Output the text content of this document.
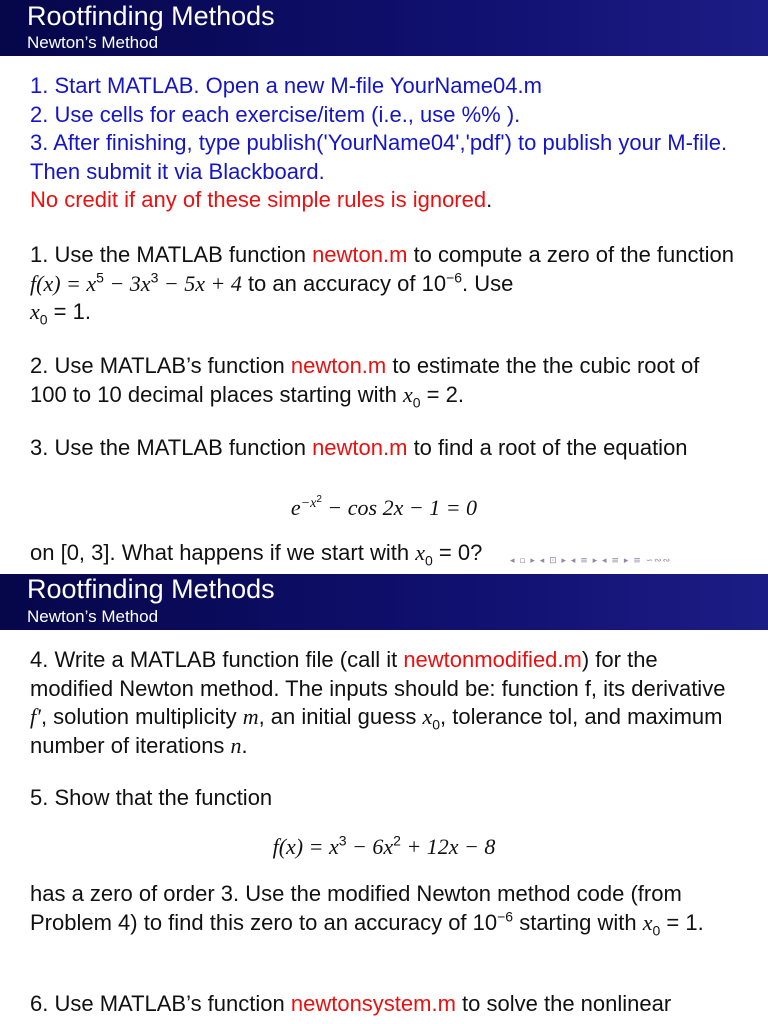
Rootfinding Methods
Newton’s Method
1. Start MATLAB. Open a new M-file YourName04.m
2. Use cells for each exercise/item (i.e., use %% ).
3. After finishing, type publish('YourName04','pdf') to publish your M-file. Then submit it via Blackboard.
No credit if any of these simple rules is ignored.
1. Use the MATLAB function newton.m to compute a zero of the function $f(x) = x^5 - 3x^3 - 5x + 4$ to an accuracy of $10^{-6}$. Use
$x_0 = 1$.
2. Use MATLAB’s function newton.m to estimate the the cubic root of 100 to 10 decimal places starting with $x_0 = 2$.
3. Use the MATLAB function newton.m to find a root of the equation
$e^{-x^2} - \cos 2x - 1 = 0$
on [0, 3]. What happens if we start with $x_0 = 0$?	◂ ▫ ▸ ◂ ⊡ ▸ ◂ ≡ ▸ ◂ ≡ ▸ ≡ ∽∾∾
Rootfinding Methods
Newton’s Method
4. Write a MATLAB function file (call it newtonmodified.m) for the modified Newton method. The inputs should be: function f, its derivative f′, solution multiplicity m, an initial guess $x_0$, tolerance tol, and maximum number of iterations n.
5. Show that the function
$f(x) = x^3 - 6x^2 + 12x - 8$
has a zero of order 3. Use the modified Newton method code (from Problem 4) to find this zero to an accuracy of $10^{-6}$ starting with $x_0 = 1$.
6. Use MATLAB’s function newtonsystem.m to solve the nonlinear
